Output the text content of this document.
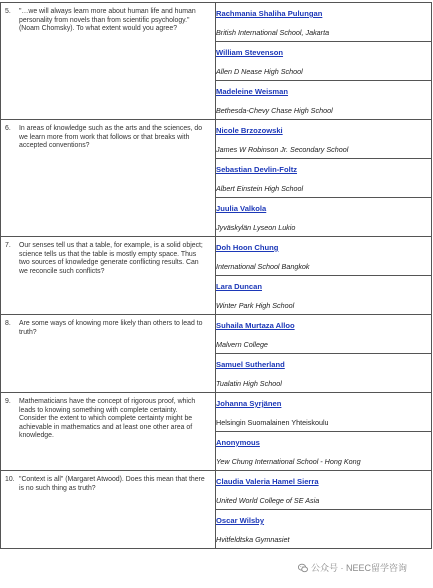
5. "…we will always learn more about human life and human personality from novels than from scientific psychology." (Noam Chomsky). To what extent would you agree?	Rachmania Shaliha Pulungan
British International School, Jakarta

	William Stevenson
Allen D Nease High School

	Madeleine Weisman
Bethesda-Chevy Chase High School

6. In areas of knowledge such as the arts and the sciences, do we learn more from work that follows or that breaks with accepted conventions?	Nicole Brzozowski
James W Robinson Jr. Secondary School

	Sebastian Devlin-Foltz
Albert Einstein High School

	Juulia Valkola
Jyväskylän Lyseon Lukio

7. Our senses tell us that a table, for example, is a solid object; science tells us that the table is mostly empty space. Thus two sources of knowledge generate conflicting results. Can we reconcile such conflicts?	Doh Hoon Chung
International School Bangkok

	Lara Duncan
Winter Park High School

8. Are some ways of knowing more likely than others to lead to truth?	Suhaila Murtaza Alloo
Malvern College

	Samuel Sutherland
Tualatin High School

9. Mathematicians have the concept of rigorous proof, which leads to knowing something with complete certainty. Consider the extent to which complete certainty might be achievable in mathematics and at least one other area of knowledge.	Johanna Syrjänen
Helsingin Suomalainen Yhteiskoulu

	Anonymous
Yew Chung International School - Hong Kong

10. "Context is all" (Margaret Atwood). Does this mean that there is no such thing as truth?	Claudia Valeria Hamel Sierra
United World College of SE Asia

	Oscar Wilsby
Hvitfeldtska Gymnasiet
公众号 · NEEC留学咨询
